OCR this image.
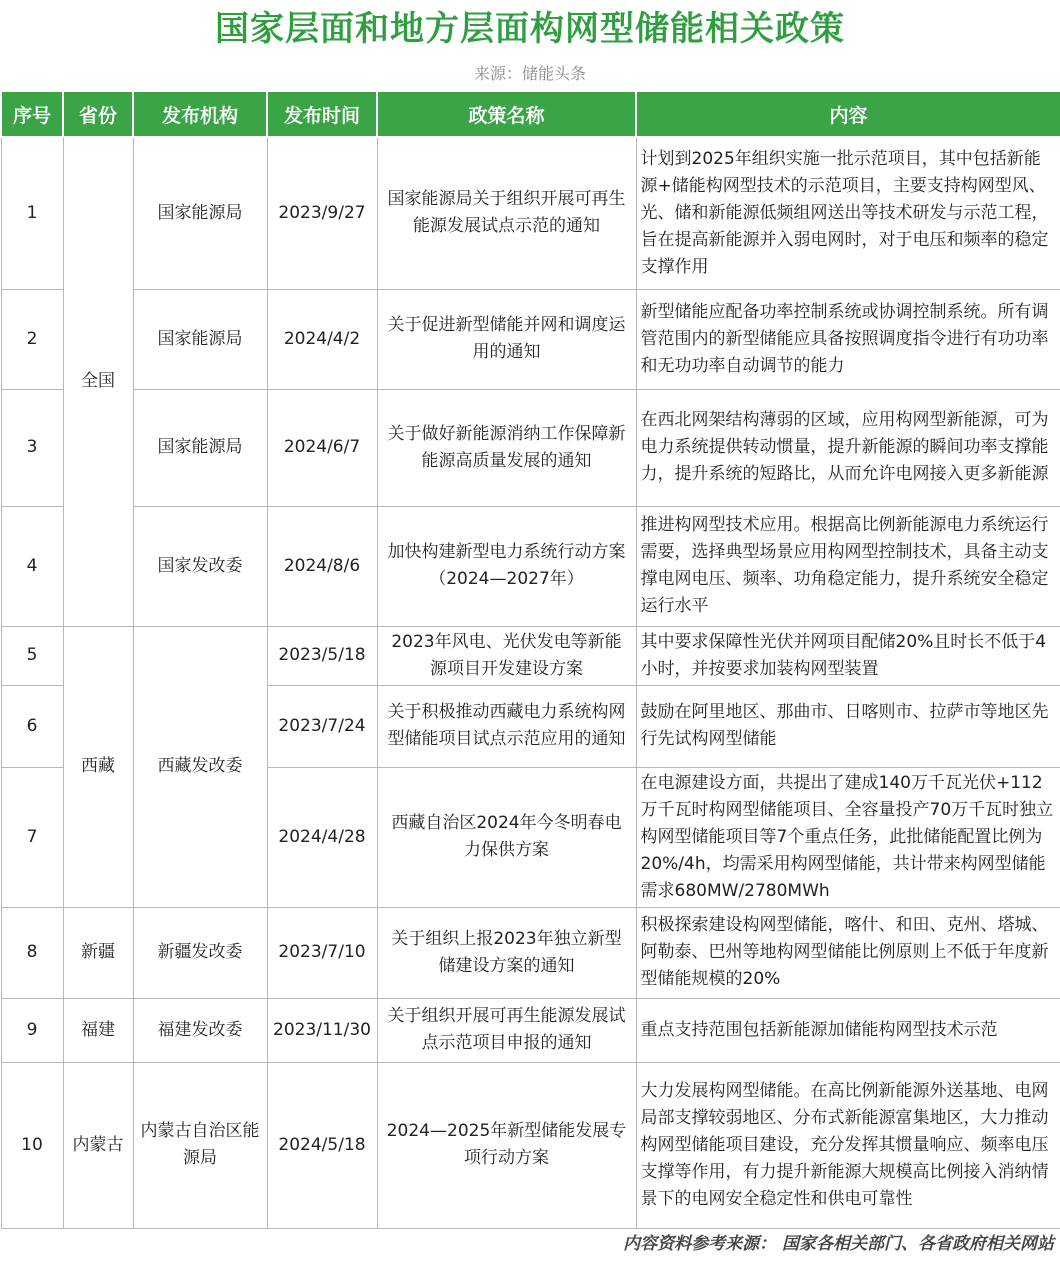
国家层面和地方层面构网型储能相关政策
来源：储能头条
序号	省份	发布机构	发布时间	政策名称	内容
1	全国	国家能源局	2023/9/27	国家能源局关于组织开展可再生能源发展试点示范的通知	计划到2025年组织实施一批示范项目，其中包括新能源+储能构网型技术的示范项目，主要支持构网型风、光、储和新能源低频组网送出等技术研发与示范工程，旨在提高新能源并入弱电网时，对于电压和频率的稳定支撑作用
2		国家能源局	2024/4/2	关于促进新型储能并网和调度运用的通知	新型储能应配备功率控制系统或协调控制系统。所有调管范围内的新型储能应具备按照调度指令进行有功功率和无功功率自动调节的能力
3		国家能源局	2024/6/7	关于做好新能源消纳工作保障新能源高质量发展的通知	在西北网架结构薄弱的区域，应用构网型新能源，可为电力系统提供转动惯量，提升新能源的瞬间功率支撑能力，提升系统的短路比，从而允许电网接入更多新能源
4		国家发改委	2024/8/6	加快构建新型电力系统行动方案（2024—2027年）	推进构网型技术应用。根据高比例新能源电力系统运行需要，选择典型场景应用构网型控制技术，具备主动支撑电网电压、频率、功角稳定能力，提升系统安全稳定运行水平
5	西藏	西藏发改委	2023/5/18	2023年风电、光伏发电等新能源项目开发建设方案	其中要求保障性光伏并网项目配储20%且时长不低于4小时，并按要求加装构网型装置
6			2023/7/24	关于积极推动西藏电力系统构网型储能项目试点示范应用的通知	鼓励在阿里地区、那曲市、日喀则市、拉萨市等地区先行先试构网型储能
7			2024/4/28	西藏自治区2024年今冬明春电力保供方案	在电源建设方面，共提出了建成140万千瓦光伏+112万千瓦时构网型储能项目、全容量投产70万千瓦时独立构网型储能项目等7个重点任务，此批储能配置比例为20%/4h，均需采用构网型储能，共计带来构网型储能需求680MW/2780MWh
8	新疆	新疆发改委	2023/7/10	关于组织上报2023年独立新型储建设方案的通知	积极探索建设构网型储能，喀什、和田、克州、塔城、阿勒泰、巴州等地构网型储能比例原则上不低于年度新型储能规模的20%
9	福建	福建发改委	2023/11/30	关于组织开展可再生能源发展试点示范项目申报的通知	重点支持范围包括新能源加储能构网型技术示范
10	内蒙古	内蒙古自治区能源局	2024/5/18	2024—2025年新型储能发展专项行动方案	大力发展构网型储能。在高比例新能源外送基地、电网局部支撑较弱地区、分布式新能源富集地区，大力推动构网型储能项目建设，充分发挥其惯量响应、频率电压支撑等作用，有力提升新能源大规模高比例接入消纳情景下的电网安全稳定性和供电可靠性
内容资料参考来源： 国家各相关部门、各省政府相关网站
